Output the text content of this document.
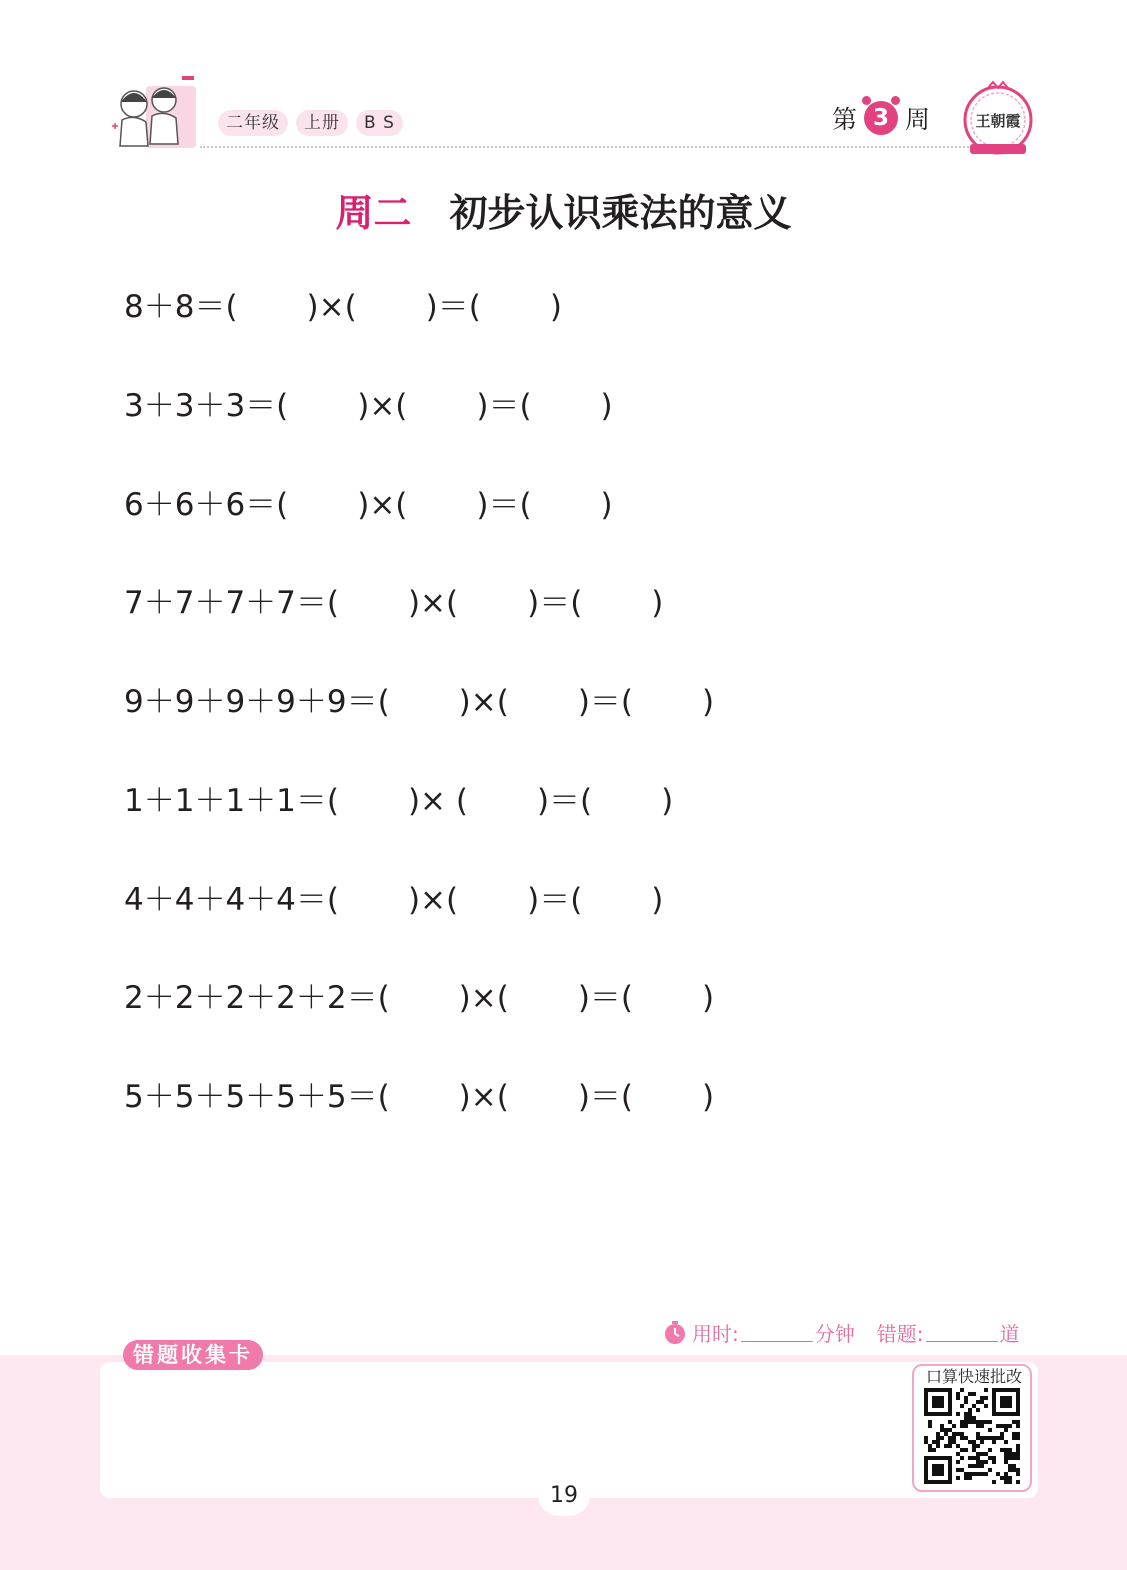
二年级	上册	B S	第 3 周	王朝霞
周二 初步认识乘法的意义
8＋8＝(       )×(       )＝(       )
3＋3＋3＝(       )×(       )＝(       )
6＋6＋6＝(       )×(       )＝(       )
7＋7＋7＋7＝(       )×(       )＝(       )
9＋9＋9＋9＋9＝(       )×(       )＝(       )
1＋1＋1＋1＝(       )× (       )＝(       )
4＋4＋4＋4＝(       )×(       )＝(       )
2＋2＋2＋2＋2＝(       )×(       )＝(       )
5＋5＋5＋5＋5＝(       )×(       )＝(       )
用时:	分钟 错题:	道
错题收集卡
口算快速批改
19
